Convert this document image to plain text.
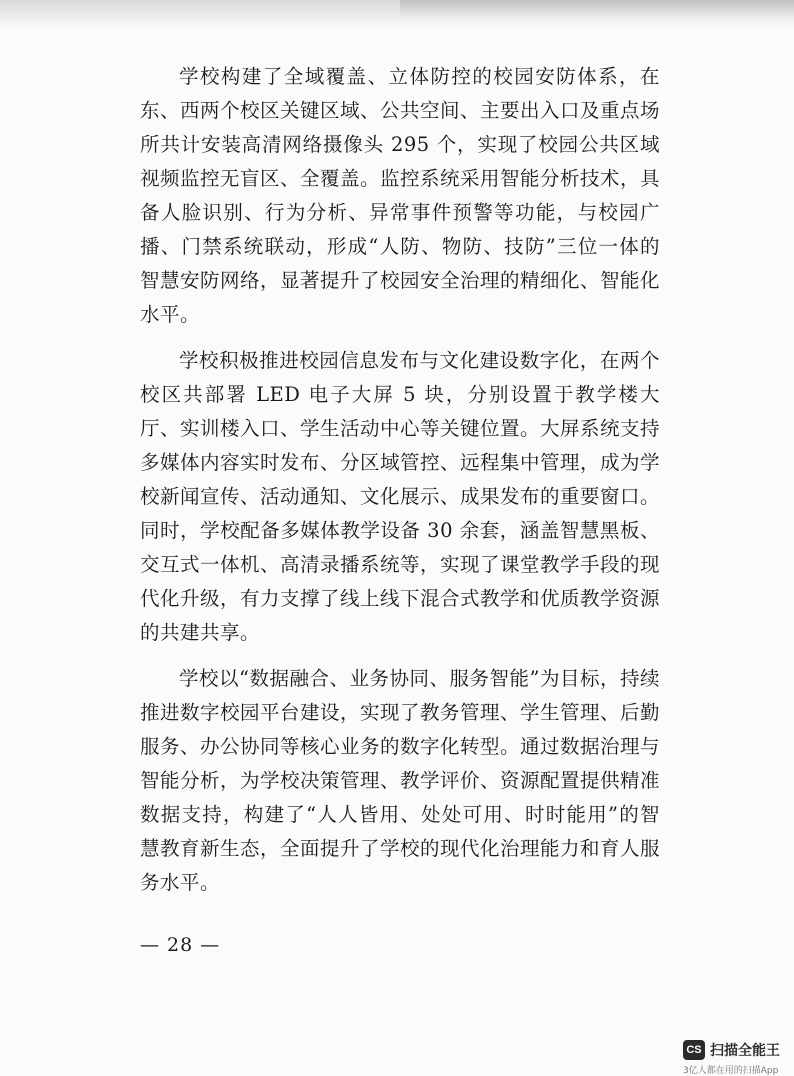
学校构建了全域覆盖、立体防控的校园安防体系，在东、西两个校区关键区域、公共空间、主要出入口及重点场所共计安装高清网络摄像头 295 个，实现了校园公共区域视频监控无盲区、全覆盖。监控系统采用智能分析技术，具备人脸识别、行为分析、异常事件预警等功能，与校园广播、门禁系统联动，形成“人防、物防、技防”三位一体的智慧安防网络，显著提升了校园安全治理的精细化、智能化水平。

学校积极推进校园信息发布与文化建设数字化，在两个校区共部署 LED 电子大屏 5 块，分别设置于教学楼大厅、实训楼入口、学生活动中心等关键位置。大屏系统支持多媒体内容实时发布、分区域管控、远程集中管理，成为学校新闻宣传、活动通知、文化展示、成果发布的重要窗口。同时，学校配备多媒体教学设备 30 余套，涵盖智慧黑板、交互式一体机、高清录播系统等，实现了课堂教学手段的现代化升级，有力支撑了线上线下混合式教学和优质教学资源的共建共享。

学校以“数据融合、业务协同、服务智能”为目标，持续推进数字校园平台建设，实现了教务管理、学生管理、后勤服务、办公协同等核心业务的数字化转型。通过数据治理与智能分析，为学校决策管理、教学评价、资源配置提供精准数据支持，构建了“人人皆用、处处可用、时时能用”的智慧教育新生态，全面提升了学校的现代化治理能力和育人服务水平。

— 28 —
CS 扫描全能王
3亿人都在用的扫描App
